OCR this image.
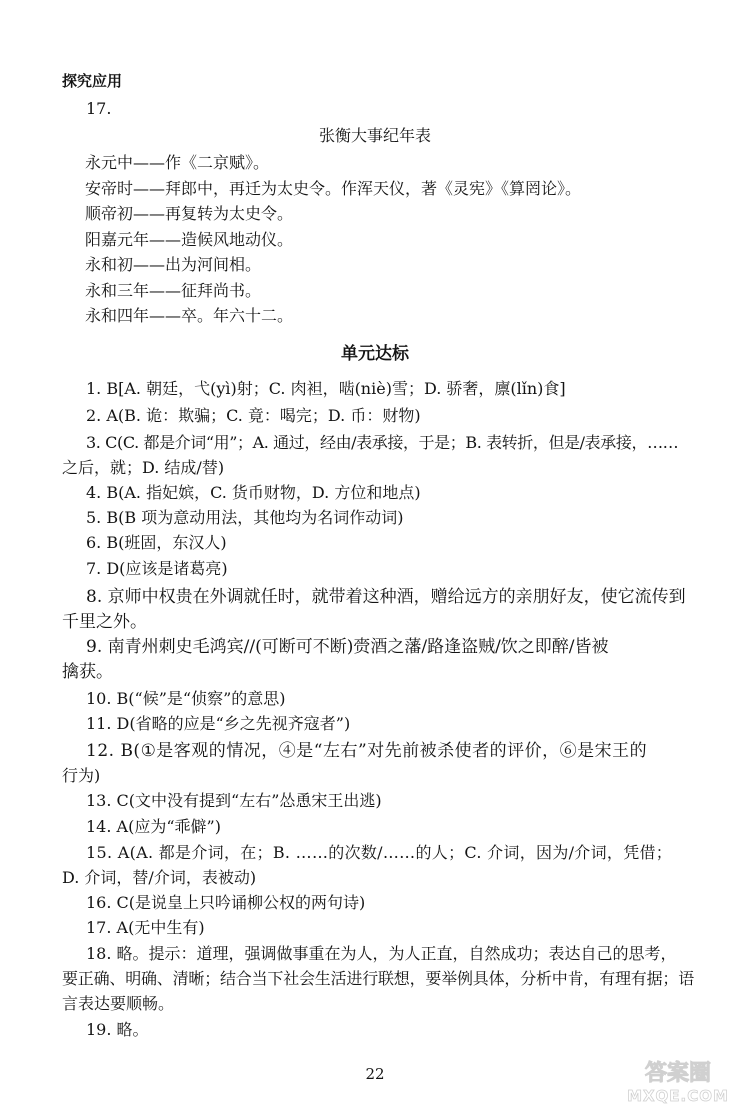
探究应用
17.
张衡大事纪年表
永元中——作《二京赋》。
安帝时——拜郎中，再迁为太史令。作浑天仪，著《灵宪》《算罔论》。
顺帝初——再复转为太史令。
阳嘉元年——造候风地动仪。
永和初——出为河间相。
永和三年——征拜尚书。
永和四年——卒。年六十二。
单元达标
1. B[A. 朝廷，弋(yì)射；C. 肉袒，啮(niè)雪；D. 骄奢，廪(lǐn)食]
2. A(B. 诡：欺骗；C. 竟：喝完；D. 币：财物)
3. C(C. 都是介词“用”；A. 通过，经由/表承接，于是；B. 表转折，但是/表承接，……
之后，就；D. 结成/替)
4. B(A. 指妃嫔，C. 货币财物，D. 方位和地点)
5. B(B 项为意动用法，其他均为名词作动词)
6. B(班固，东汉人)
7. D(应该是诸葛亮)
8. 京师中权贵在外调就任时，就带着这种酒，赠给远方的亲朋好友，使它流传到
千里之外。
9. 南青州刺史毛鸿宾//(可断可不断)赍酒之藩/路逢盗贼/饮之即醉/皆被
擒获。
10. B(“候”是“侦察”的意思)
11. D(省略的应是“乡之先视齐寇者”)
12. B(①是客观的情况，④是“左右”对先前被杀使者的评价，⑥是宋王的
行为)
13. C(文中没有提到“左右”怂恿宋王出逃)
14. A(应为“乖僻”)
15. A(A. 都是介词，在；B. ……的次数/……的人；C. 介词，因为/介词，凭借；
D. 介词，替/介词，表被动)
16. C(是说皇上只吟诵柳公权的两句诗)
17. A(无中生有)
18. 略。提示：道理，强调做事重在为人，为人正直，自然成功；表达自己的思考，
要正确、明确、清晰；结合当下社会生活进行联想，要举例具体，分析中肯，有理有据；语
言表达要顺畅。
19. 略。
22	答案圈
MXQE.COM
